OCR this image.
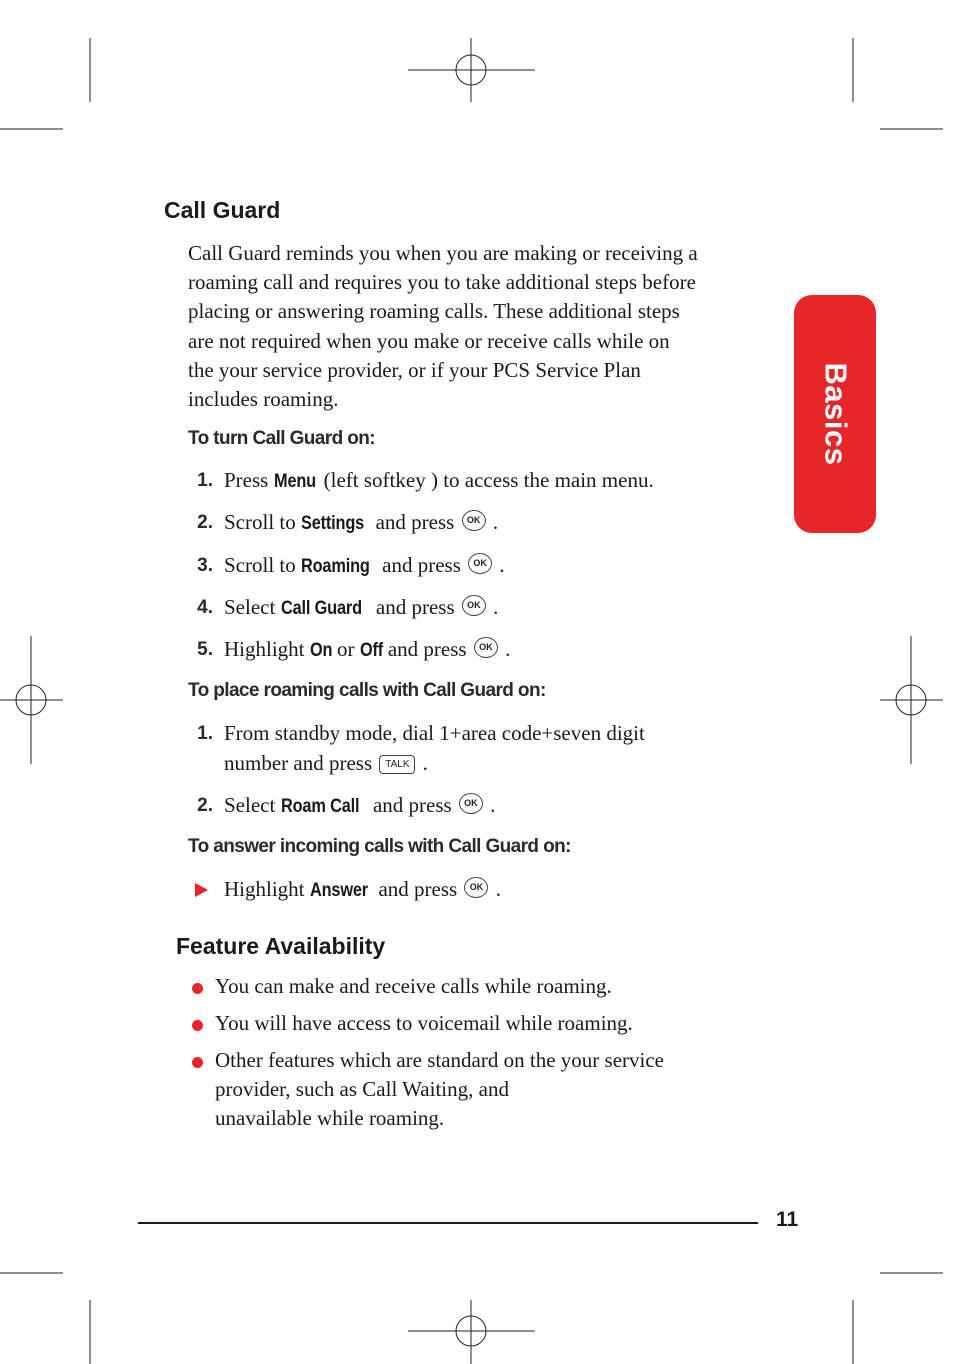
Basics
Call Guard
Call Guard reminds you when you are making or receiving a
roaming call and requires you to take additional steps before
placing or answering roaming calls. These additional steps
are not required when you make or receive calls while on
the your service provider, or if your PCS Service Plan
includes roaming.
To turn Call Guard on:
1. Press Menu (left softkey ) to access the main menu.
2. Scroll to Settings and press OK .
3. Scroll to Roaming and press OK .
4. Select Call Guard and press OK .
5. Highlight On or Off and press OK .
To place roaming calls with Call Guard on:
1. From standby mode, dial 1+area code+seven digit
number and press TALK .
2. Select Roam Call and press OK .
To answer incoming calls with Call Guard on:
Highlight Answer and press OK .
Feature Availability
You can make and receive calls while roaming.
You will have access to voicemail while roaming.
Other features which are standard on the your service
provider, such as Call Waiting, and
unavailable while roaming.
11
